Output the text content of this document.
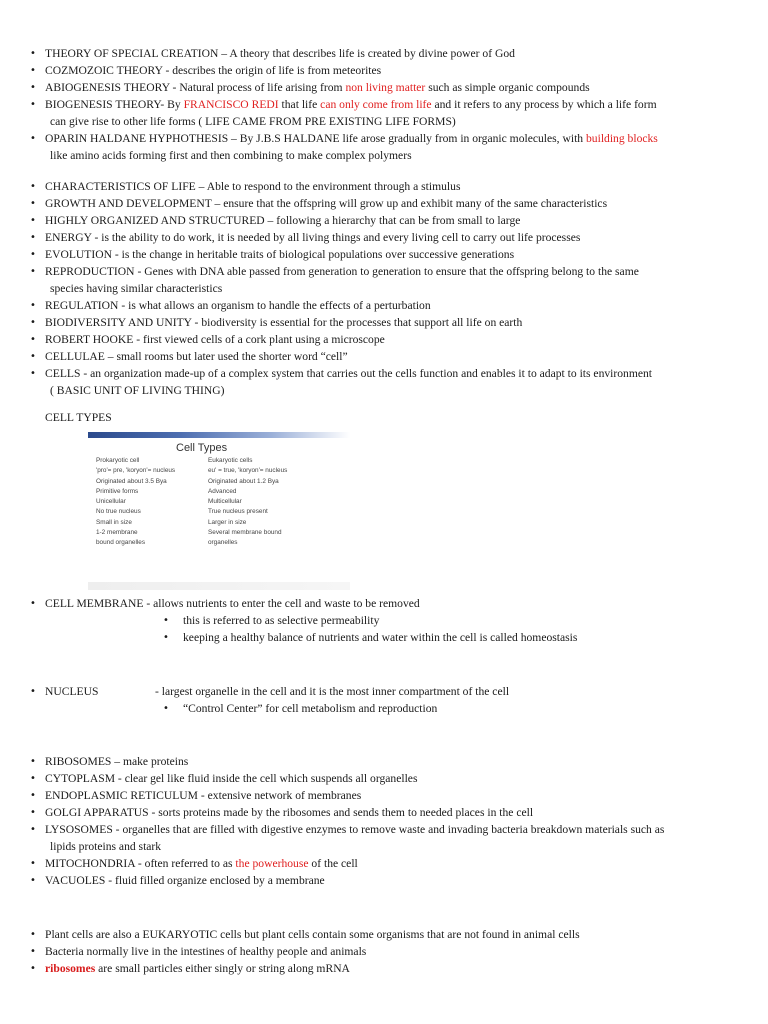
• THEORY OF SPECIAL CREATION – A theory that describes life is created by divine power of God
• COZMOZOIC THEORY - describes the origin of life is from meteorites
• ABIOGENESIS THEORY - Natural process of life arising from non living matter such as simple organic compounds
• BIOGENESIS THEORY- By FRANCISCO REDI that life can only come from life and it refers to any process by which a life form
can give rise to other life forms ( LIFE CAME FROM PRE EXISTING LIFE FORMS)
• OPARIN HALDANE HYPHOTHESIS – By J.B.S HALDANE life arose gradually from in organic molecules, with building blocks
like amino acids forming first and then combining to make complex polymers
• CHARACTERISTICS OF LIFE – Able to respond to the environment through a stimulus
• GROWTH AND DEVELOPMENT – ensure that the offspring will grow up and exhibit many of the same characteristics
• HIGHLY ORGANIZED AND STRUCTURED – following a hierarchy that can be from small to large
• ENERGY - is the ability to do work, it is needed by all living things and every living cell to carry out life processes
• EVOLUTION - is the change in heritable traits of biological populations over successive generations
• REPRODUCTION - Genes with DNA able passed from generation to generation to ensure that the offspring belong to the same
species having similar characteristics
• REGULATION - is what allows an organism to handle the effects of a perturbation
• BIODIVERSITY AND UNITY - biodiversity is essential for the processes that support all life on earth
• ROBERT HOOKE - first viewed cells of a cork plant using a microscope
• CELLULAE – small rooms but later used the shorter word “cell”
• CELLS - an organization made-up of a complex system that carries out the cells function and enables it to adapt to its environment
( BASIC UNIT OF LIVING THING)
CELL TYPES
Cell Types
Prokaryotic cell
'pro'= pre, 'koryon'= nucleus
Originated about 3.5 Bya
Primitive forms
Unicellular
No true nucleus
Small in size
1-2 membrane
bound organelles
Eukaryotic cells
eu' = true, 'koryon'= nucleus
Originated about 1.2 Bya
Advanced
Multicellular
True nucleus present
Larger in size
Several membrane bound
organelles
• CELL MEMBRANE - allows nutrients to enter the cell and waste to be removed
• this is referred to as selective permeability
• keeping a healthy balance of nutrients and water within the cell is called homeostasis
• NUCLEUS	- largest organelle in the cell and it is the most inner compartment of the cell
• “Control Center” for cell metabolism and reproduction
• RIBOSOMES – make proteins
• CYTOPLASM - clear gel like fluid inside the cell which suspends all organelles
• ENDOPLASMIC RETICULUM - extensive network of membranes
• GOLGI APPARATUS - sorts proteins made by the ribosomes and sends them to needed places in the cell
• LYSOSOMES - organelles that are filled with digestive enzymes to remove waste and invading bacteria breakdown materials such as
lipids proteins and stark
• MITOCHONDRIA - often referred to as the powerhouse of the cell
• VACUOLES - fluid filled organize enclosed by a membrane
• Plant cells are also a EUKARYOTIC cells but plant cells contain some organisms that are not found in animal cells
• Bacteria normally live in the intestines of healthy people and animals
• ribosomes are small particles either singly or string along mRNA
